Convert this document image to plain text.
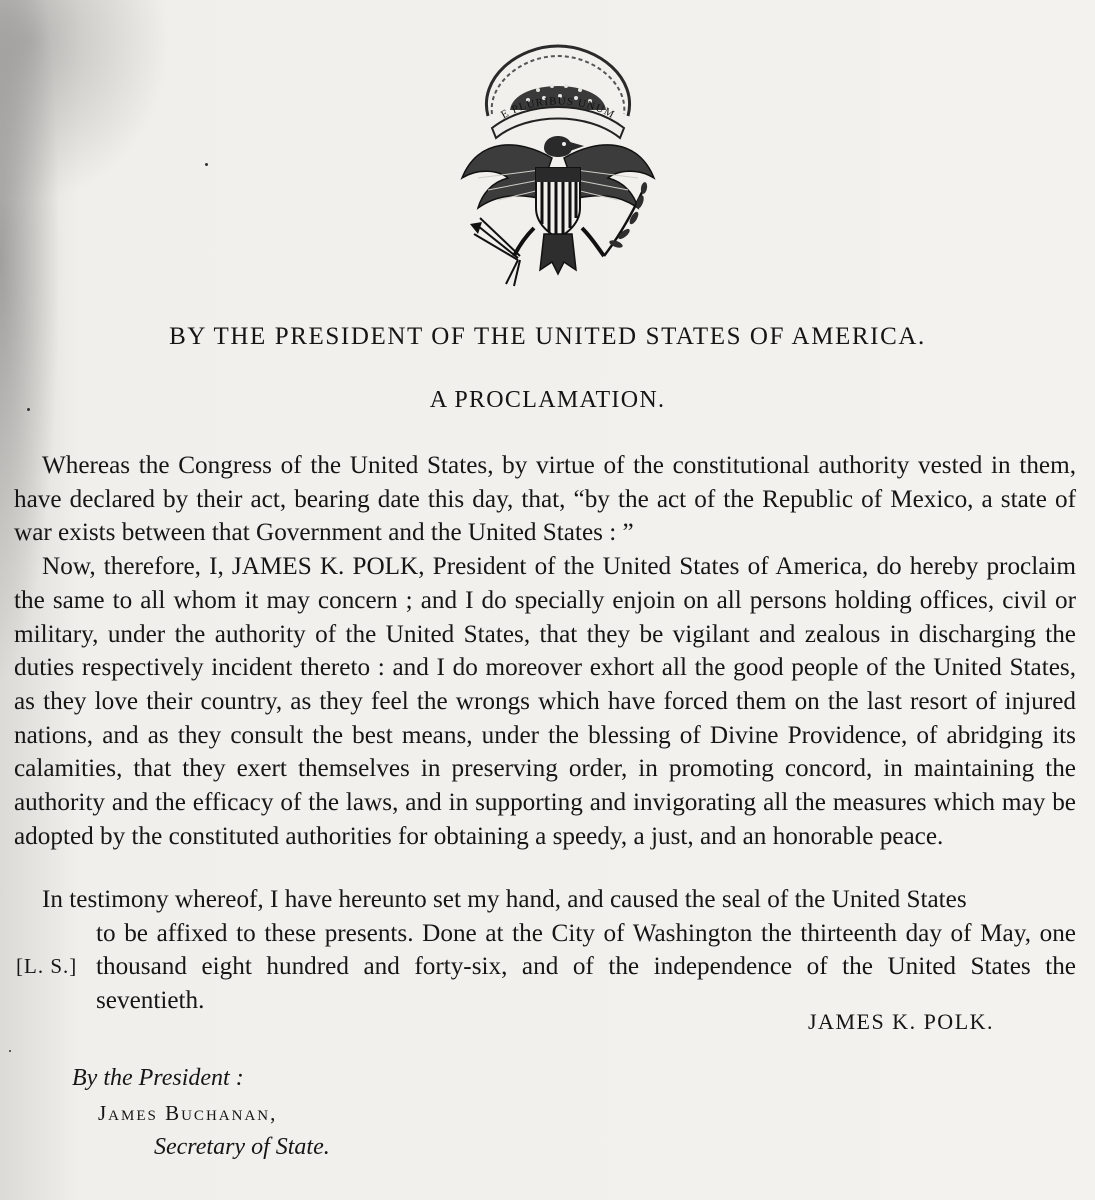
E PLURIBUS UNUM
BY THE PRESIDENT OF THE UNITED STATES OF AMERICA.
A PROCLAMATION.

Whereas the Congress of the United States, by virtue of the constitutional authority vested in them, have declared by their act, bearing date this day, that, “by the act of the Republic of Mexico, a state of war exists between that Government and the United States : ”

Now, therefore, I, JAMES K. POLK, President of the United States of America, do hereby proclaim the same to all whom it may concern ; and I do specially enjoin on all persons holding offices, civil or military, under the authority of the United States, that they be vigilant and zealous in discharging the duties respectively incident thereto : and I do moreover exhort all the good people of the United States, as they love their country, as they feel the wrongs which have forced them on the last resort of injured nations, and as they consult the best means, under the blessing of Divine Providence, of abridging its calamities, that they exert themselves in preserving order, in promoting concord, in maintaining the authority and the efficacy of the laws, and in supporting and invigorating all the measures which may be adopted by the constituted authorities for obtaining a speedy, a just, and an honorable peace.

In testimony whereof, I have hereunto set my hand, and caused the seal of the United States

to be affixed to these presents. Done at the City of Washington the thirteenth day of May, one thousand eight hundred and forty-six, and of the independence of the United States the seventieth.

[L. S.]
JAMES K. POLK.
By the President :
James Buchanan,
Secretary of State.
